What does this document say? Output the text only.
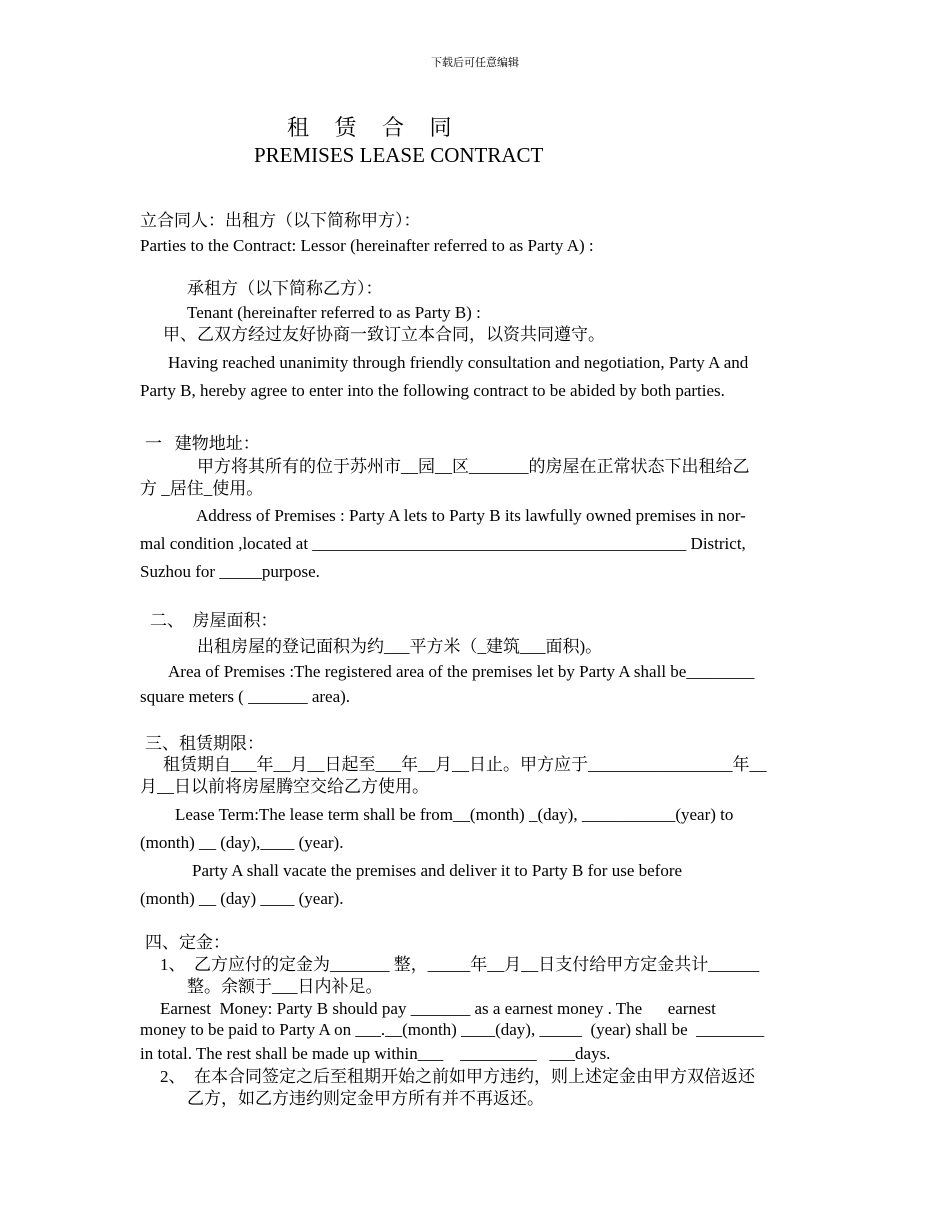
下载后可任意编辑
租 赁 合 同
PREMISES LEASE CONTRACT
立合同人：出租方（以下简称甲方）：
Parties to the Contract: Lessor (hereinafter referred to as Party A) :
承租方（以下简称乙方）：
Tenant (hereinafter referred to as Party B) :
甲、乙双方经过友好协商一致订立本合同，以资共同遵守。
Having reached unanimity through friendly consultation and negotiation, Party A and
Party B, hereby agree to enter into the following contract to be abided by both parties.
一   建物地址：
甲方将其所有的位于苏州市__园__区_______的房屋在正常状态下出租给乙
方 _居住_使用。
Address of Premises : Party A lets to Party B its lawfully owned premises in nor-
mal condition ,located at ____________________________________________ District,
Suzhou for _____purpose.
二、  房屋面积：
出租房屋的登记面积为约___平方米（_建筑___面积)。
Area of Premises :The registered area of the premises let by Party A shall be________
square meters ( _______ area).
三、租赁期限：
租赁期自___年__月__日起至___年__月__日止。甲方应于_________________年__
月__日以前将房屋腾空交给乙方使用。
Lease Term:The lease term shall be from__(month) _(day), ___________(year) to
(month) __ (day),____ (year).
Party A shall vacate the premises and deliver it to Party B for use before
(month) __ (day) ____ (year).
四、定金：
1、  乙方应付的定金为_______ 整，_____年__月__日支付给甲方定金共计______
整。余额于___日内补足。
Earnest  Money: Party B should pay _______ as a earnest money . The      earnest
money to be paid to Party A on ___.__(month) ____(day), _____  (year) shall be  ________
in total. The rest shall be made up within___    _________   ___days.
2、  在本合同签定之后至租期开始之前如甲方违约，则上述定金由甲方双倍返还
乙方，如乙方违约则定金甲方所有并不再返还。
